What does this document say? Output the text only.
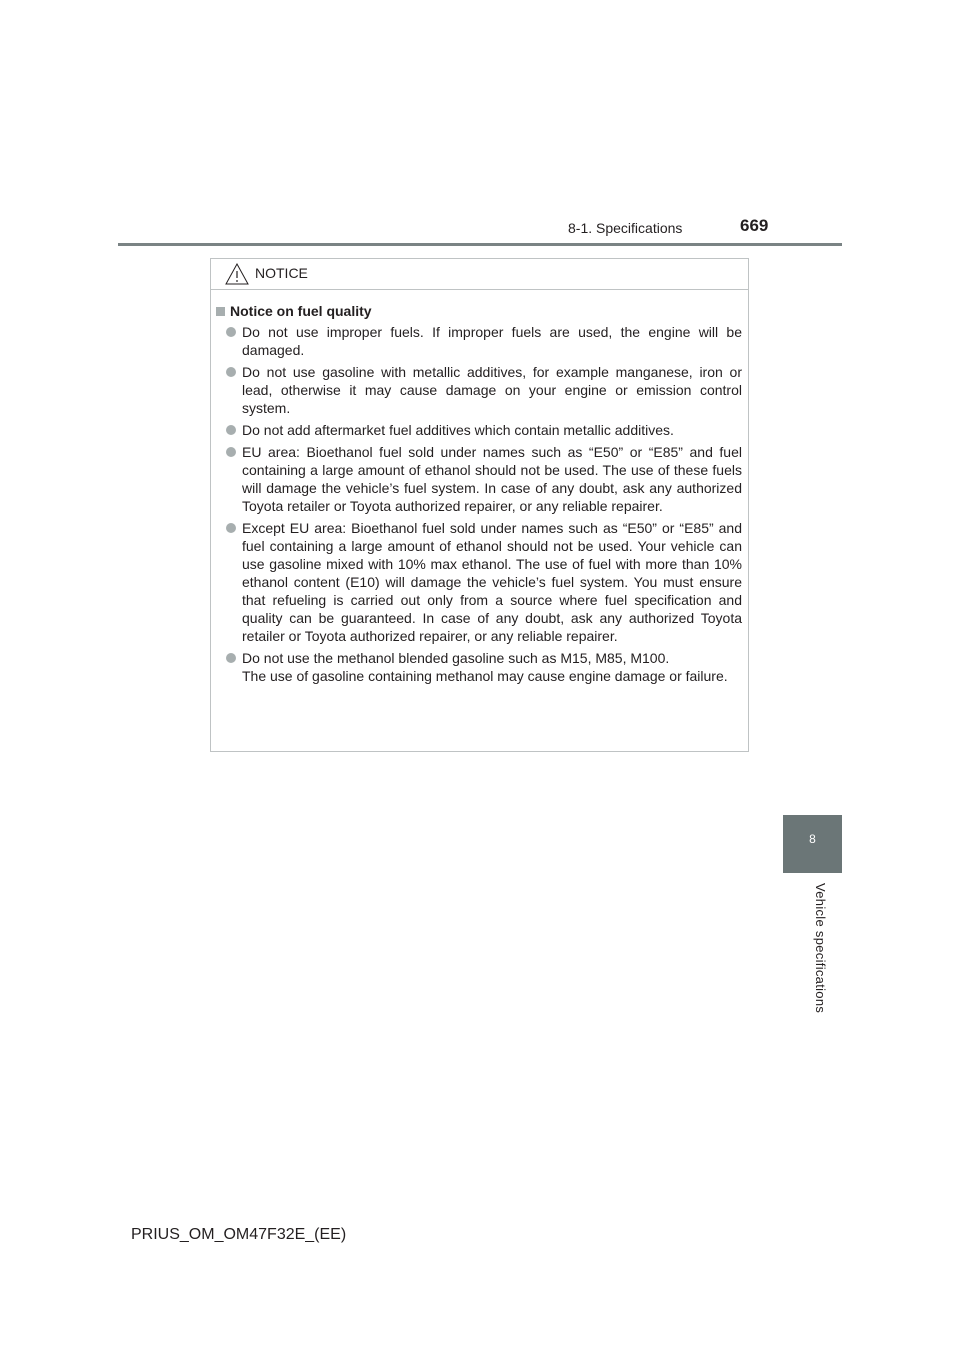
8-1. Specifications	669
8
Vehicle specifications
NOTICE
Notice on fuel quality
Do not use improper fuels. If improper fuels are used, the engine will be damaged.
Do not use gasoline with metallic additives, for example manganese, iron or lead, otherwise it may cause damage on your engine or emission control system.
Do not add aftermarket fuel additives which contain metallic additives.
EU area: Bioethanol fuel sold under names such as “E50” or “E85” and fuel containing a large amount of ethanol should not be used. The use of these fuels will damage the vehicle’s fuel system. In case of any doubt, ask any authorized Toyota retailer or Toyota authorized repairer, or any reliable repairer.
Except EU area: Bioethanol fuel sold under names such as “E50” or “E85” and fuel containing a large amount of ethanol should not be used. Your vehicle can use gasoline mixed with 10% max ethanol. The use of fuel with more than 10% ethanol content (E10) will damage the vehicle’s fuel system. You must ensure that refueling is carried out only from a source where fuel specification and quality can be guaranteed. In case of any doubt, ask any authorized Toyota retailer or Toyota authorized repairer, or any reliable repairer.
Do not use the methanol blended gasoline such as M15, M85, M100.
The use of gasoline containing methanol may cause engine damage or failure.
PRIUS_OM_OM47F32E_(EE)
